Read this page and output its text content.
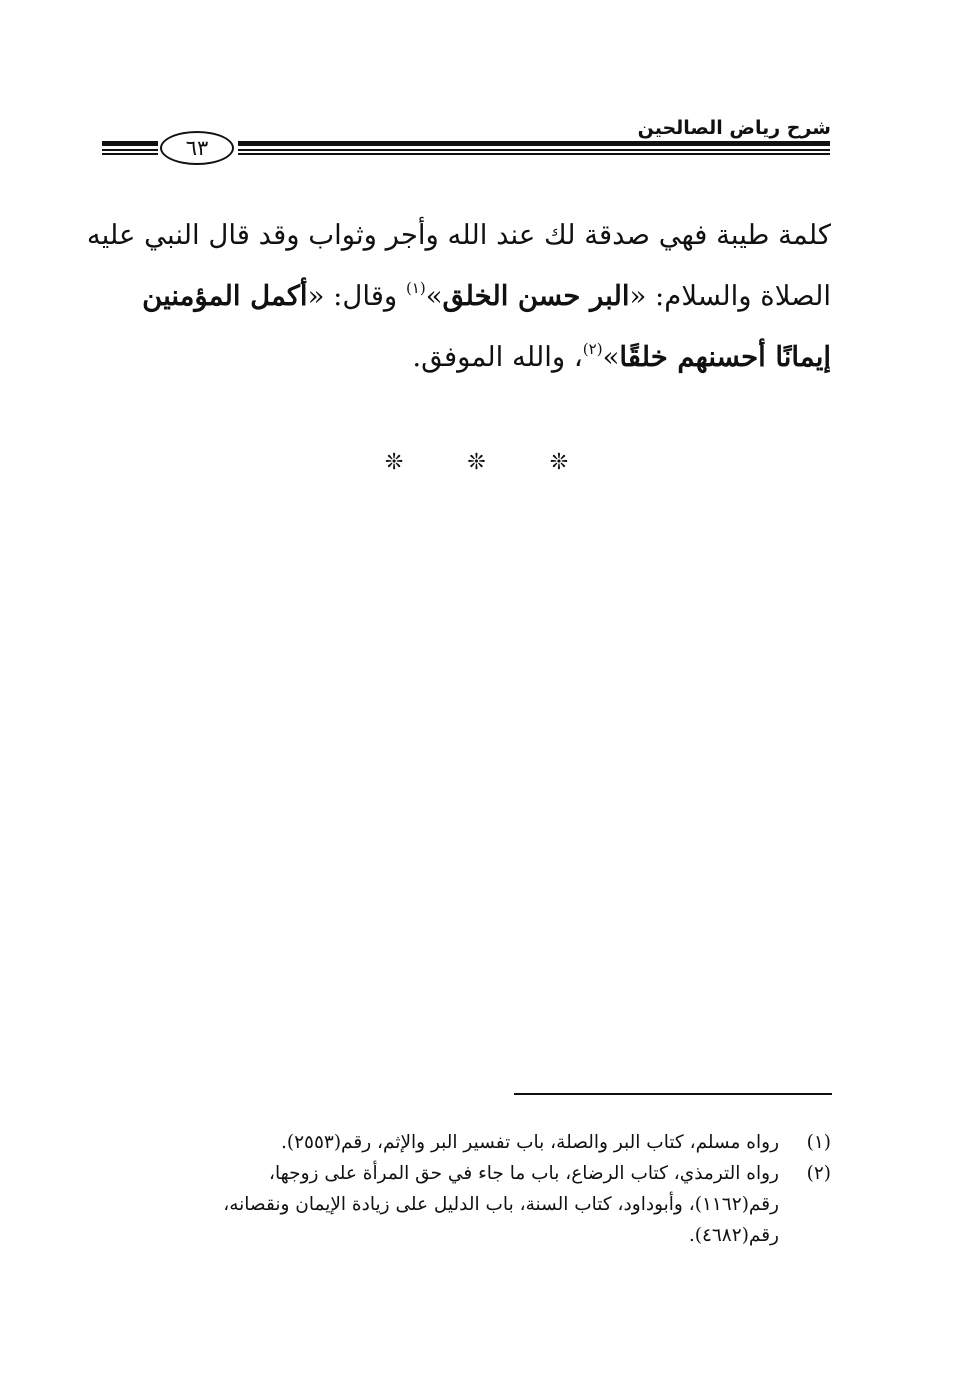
شرح رياض الصالحين
٦٣
كلمة طيبة فهي صدقة لك عند الله وأجر وثواب وقد قال النبي عليه
الصلاة والسلام: «البر حسن الخلق»$^{(١)}$ وقال: «أكمل المؤمنين
إيمانًا أحسنهم خلقًا»$^{(٢)}$، والله الموفق.
❊❊❊
(١)
رواه مسلم، كتاب البر والصلة، باب تفسير البر والإثم، رقم(٢٥٥٣).
(٢)
رواه الترمذي، كتاب الرضاع، باب ما جاء في حق المرأة على زوجها،
رقم(١١٦٢)، وأبوداود، كتاب السنة، باب الدليل على زيادة الإيمان ونقصانه،
رقم(٤٦٨٢).
